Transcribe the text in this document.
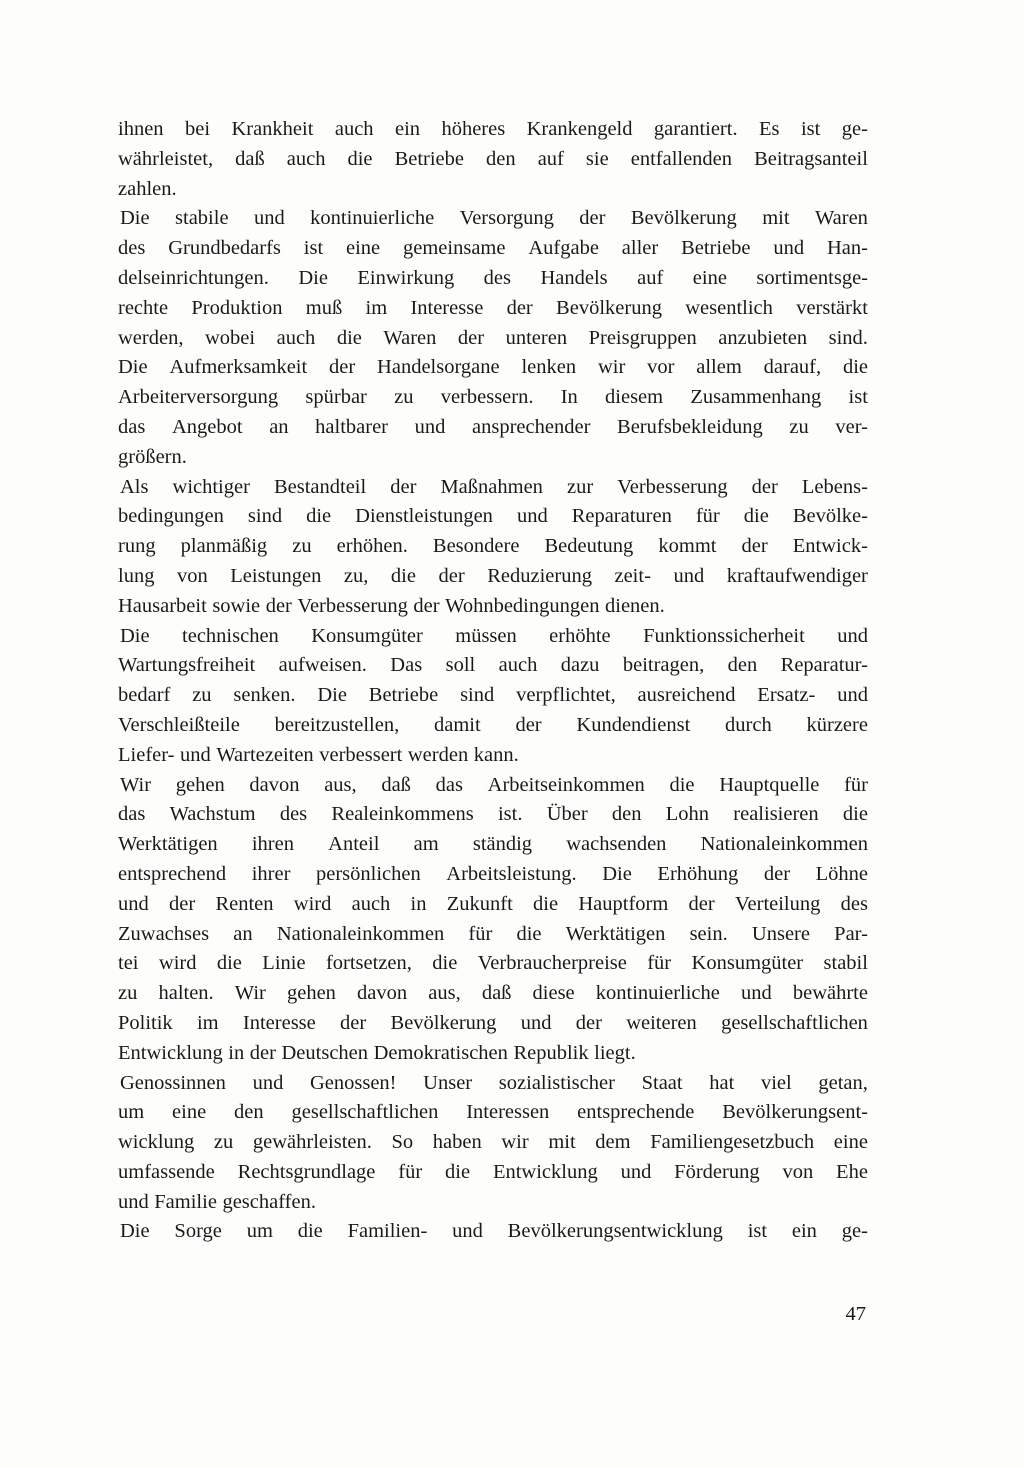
ihnen bei Krankheit auch ein höheres Krankengeld garantiert. Es ist ge-
währleistet, daß auch die Betriebe den auf sie entfallenden Beitragsanteil
zahlen.
Die stabile und kontinuierliche Versorgung der Bevölkerung mit Waren
des Grundbedarfs ist eine gemeinsame Aufgabe aller Betriebe und Han-
delseinrichtungen. Die Einwirkung des Handels auf eine sortimentsge-
rechte Produktion muß im Interesse der Bevölkerung wesentlich verstärkt
werden, wobei auch die Waren der unteren Preisgruppen anzubieten sind.
Die Aufmerksamkeit der Handelsorgane lenken wir vor allem darauf, die
Arbeiterversorgung spürbar zu verbessern. In diesem Zusammenhang ist
das Angebot an haltbarer und ansprechender Berufsbekleidung zu ver-
größern.
Als wichtiger Bestandteil der Maßnahmen zur Verbesserung der Lebens-
bedingungen sind die Dienstleistungen und Reparaturen für die Bevölke-
rung planmäßig zu erhöhen. Besondere Bedeutung kommt der Entwick-
lung von Leistungen zu, die der Reduzierung zeit- und kraftaufwendiger
Hausarbeit sowie der Verbesserung der Wohnbedingungen dienen.
Die technischen Konsumgüter müssen erhöhte Funktionssicherheit und
Wartungsfreiheit aufweisen. Das soll auch dazu beitragen, den Reparatur-
bedarf zu senken. Die Betriebe sind verpflichtet, ausreichend Ersatz- und
Verschleißteile bereitzustellen, damit der Kundendienst durch kürzere
Liefer- und Wartezeiten verbessert werden kann.
Wir gehen davon aus, daß das Arbeitseinkommen die Hauptquelle für
das Wachstum des Realeinkommens ist. Über den Lohn realisieren die
Werktätigen ihren Anteil am ständig wachsenden Nationaleinkommen
entsprechend ihrer persönlichen Arbeitsleistung. Die Erhöhung der Löhne
und der Renten wird auch in Zukunft die Hauptform der Verteilung des
Zuwachses an Nationaleinkommen für die Werktätigen sein. Unsere Par-
tei wird die Linie fortsetzen, die Verbraucherpreise für Konsumgüter stabil
zu halten. Wir gehen davon aus, daß diese kontinuierliche und bewährte
Politik im Interesse der Bevölkerung und der weiteren gesellschaftlichen
Entwicklung in der Deutschen Demokratischen Republik liegt.
Genossinnen und Genossen! Unser sozialistischer Staat hat viel getan,
um eine den gesellschaftlichen Interessen entsprechende Bevölkerungsent-
wicklung zu gewährleisten. So haben wir mit dem Familiengesetzbuch eine
umfassende Rechtsgrundlage für die Entwicklung und Förderung von Ehe
und Familie geschaffen.
Die Sorge um die Familien- und Bevölkerungsentwicklung ist ein ge-
47
